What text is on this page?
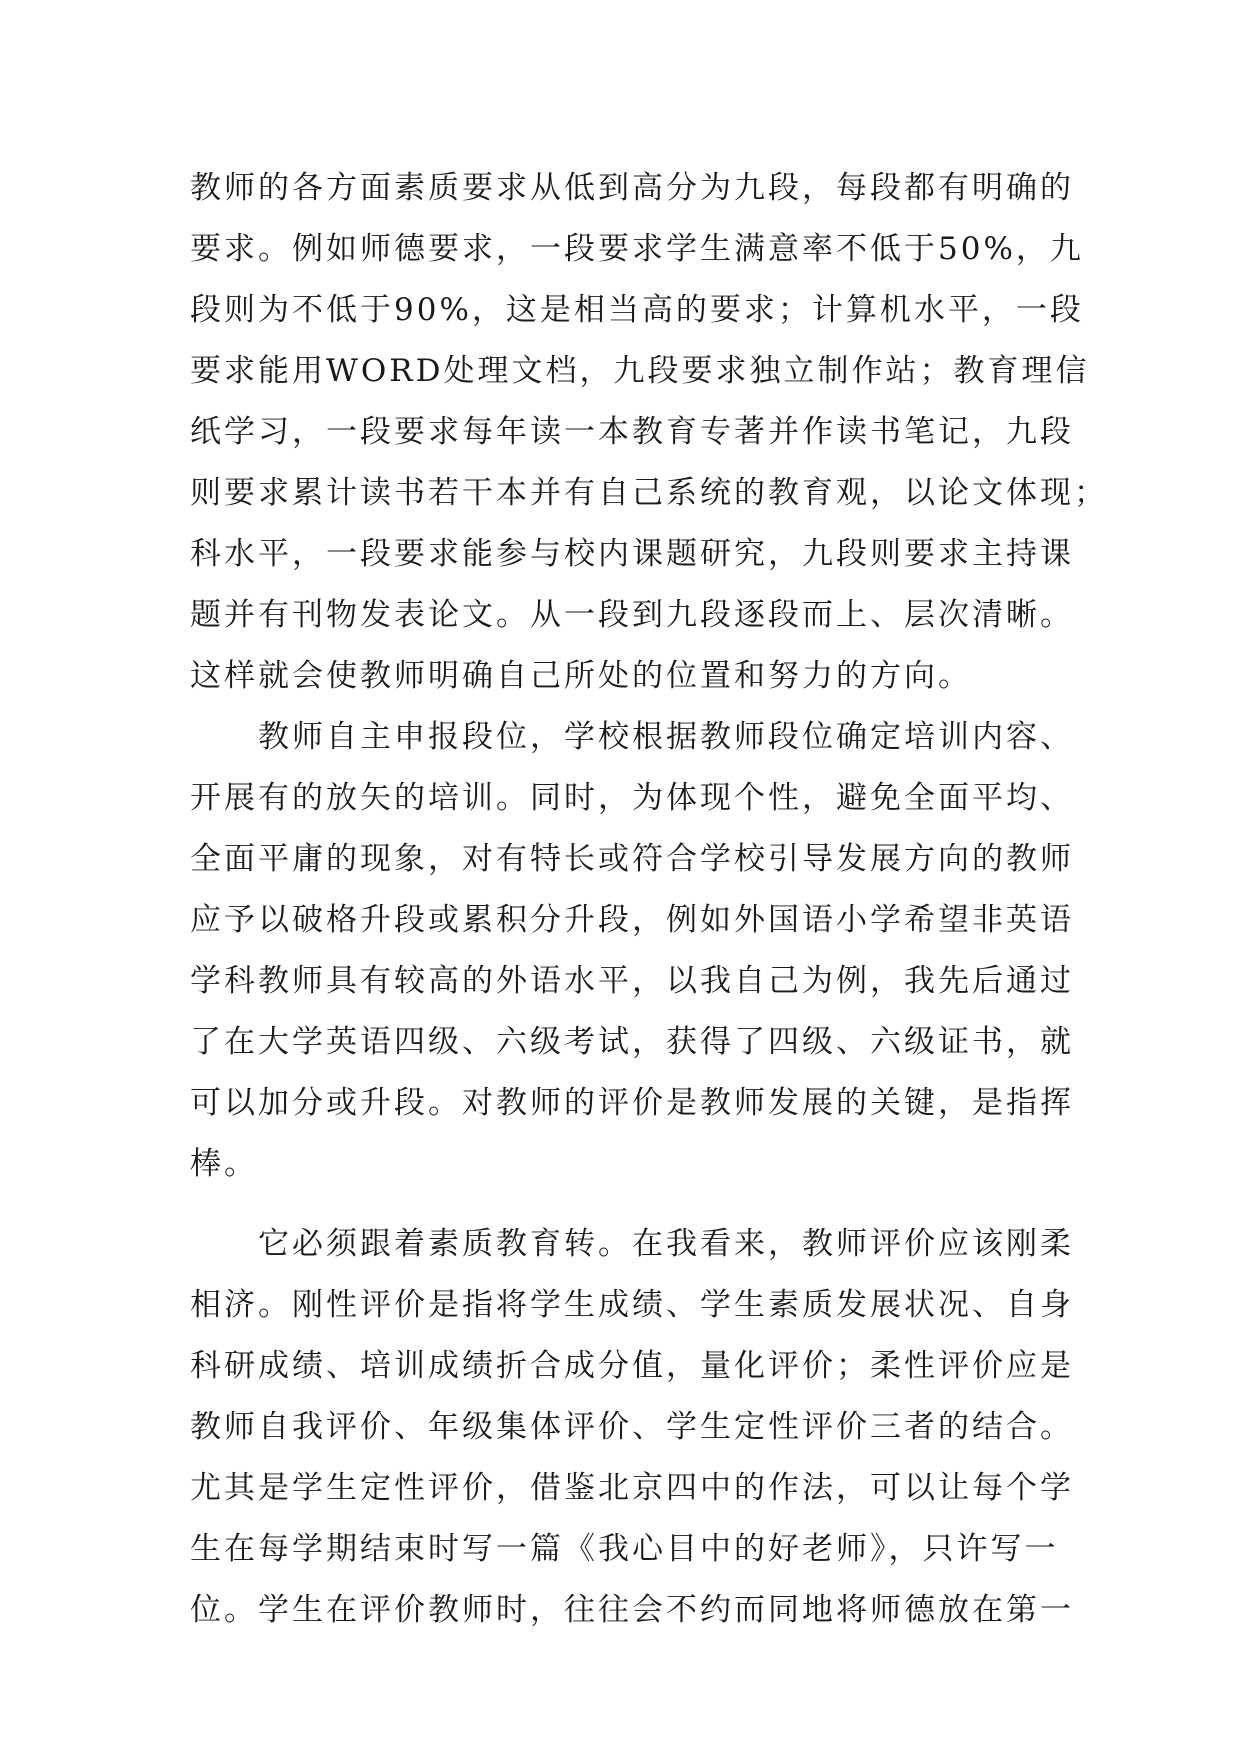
教师的各方面素质要求从低到高分为九段，每段都有明确的
要求。例如师德要求，一段要求学生满意率不低于50%，九
段则为不低于90%，这是相当高的要求；计算机水平，一段
要求能用WORD处理文档，九段要求独立制作站；教育理信
纸学习，一段要求每年读一本教育专著并作读书笔记，九段
则要求累计读书若干本并有自己系统的教育观，以论文体现；
科水平，一段要求能参与校内课题研究，九段则要求主持课
题并有刊物发表论文。从一段到九段逐段而上、层次清晰。
这样就会使教师明确自己所处的位置和努力的方向。
教师自主申报段位，学校根据教师段位确定培训内容、
开展有的放矢的培训。同时，为体现个性，避免全面平均、
全面平庸的现象，对有特长或符合学校引导发展方向的教师
应予以破格升段或累积分升段，例如外国语小学希望非英语
学科教师具有较高的外语水平，以我自己为例，我先后通过
了在大学英语四级、六级考试，获得了四级、六级证书，就
可以加分或升段。对教师的评价是教师发展的关键，是指挥
棒。
它必须跟着素质教育转。在我看来，教师评价应该刚柔
相济。刚性评价是指将学生成绩、学生素质发展状况、自身
科研成绩、培训成绩折合成分值，量化评价；柔性评价应是
教师自我评价、年级集体评价、学生定性评价三者的结合。
尤其是学生定性评价，借鉴北京四中的作法，可以让每个学
生在每学期结束时写一篇《我心目中的好老师》，只许写一
位。学生在评价教师时，往往会不约而同地将师德放在第一
